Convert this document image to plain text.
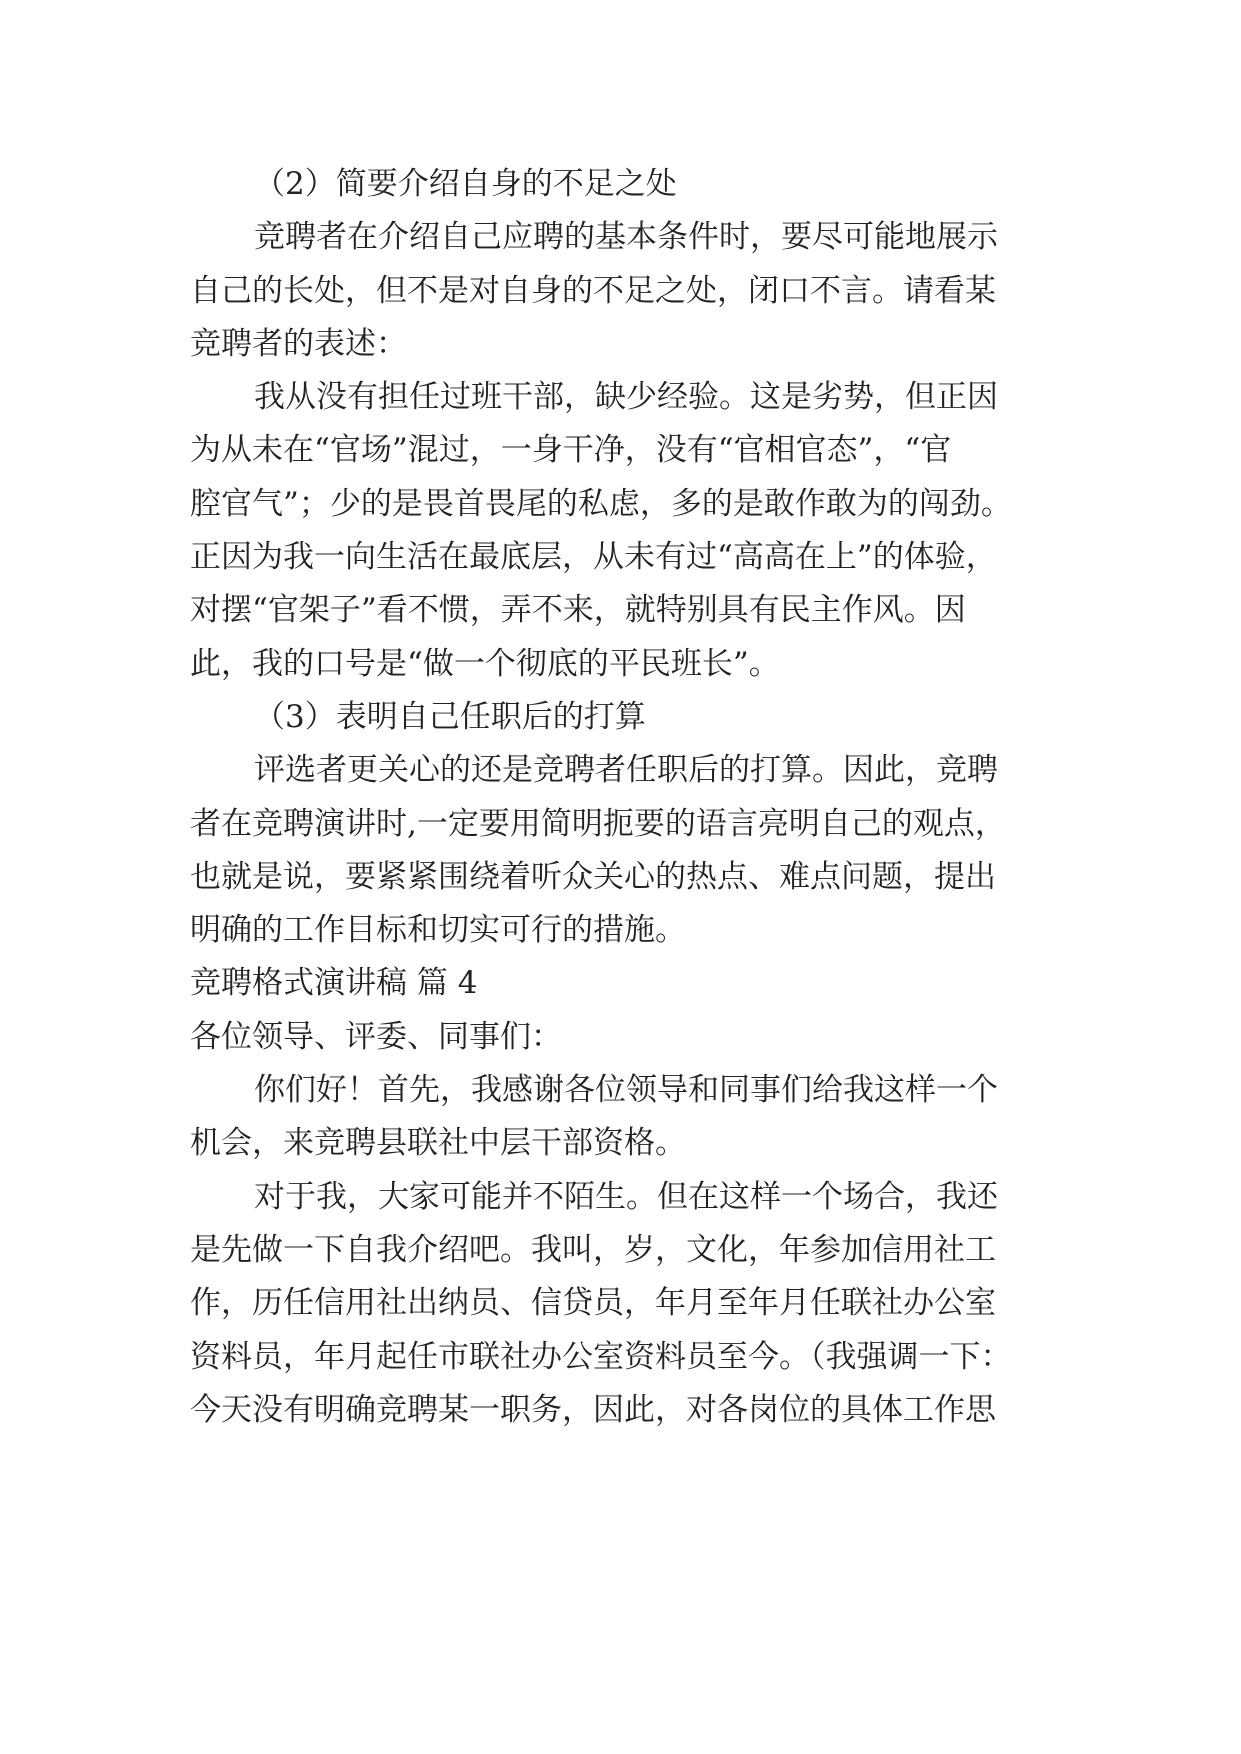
（2）简要介绍自身的不足之处
竞聘者在介绍自己应聘的基本条件时，要尽可能地展示
自己的长处，但不是对自身的不足之处，闭口不言。请看某
竞聘者的表述：
我从没有担任过班干部，缺少经验。这是劣势，但正因
为从未在“官场”混过，一身干净，没有“官相官态”，“官
腔官气”；少的是畏首畏尾的私虑，多的是敢作敢为的闯劲。
正因为我一向生活在最底层，从未有过“高高在上”的体验，
对摆“官架子”看不惯，弄不来，就特别具有民主作风。因
此，我的口号是“做一个彻底的平民班长”。
（3）表明自己任职后的打算
评选者更关心的还是竞聘者任职后的打算。因此，竞聘
者在竞聘演讲时,一定要用简明扼要的语言亮明自己的观点，
也就是说，要紧紧围绕着听众关心的热点、难点问题，提出
明确的工作目标和切实可行的措施。
竞聘格式演讲稿 篇 4
各位领导、评委、同事们：
你们好！首先，我感谢各位领导和同事们给我这样一个
机会，来竞聘县联社中层干部资格。
对于我，大家可能并不陌生。但在这样一个场合，我还
是先做一下自我介绍吧。我叫，岁，文化，年参加信用社工
作，历任信用社出纳员、信贷员，年月至年月任联社办公室
资料员，年月起任市联社办公室资料员至今。（我强调一下：
今天没有明确竞聘某一职务，因此，对各岗位的具体工作思
